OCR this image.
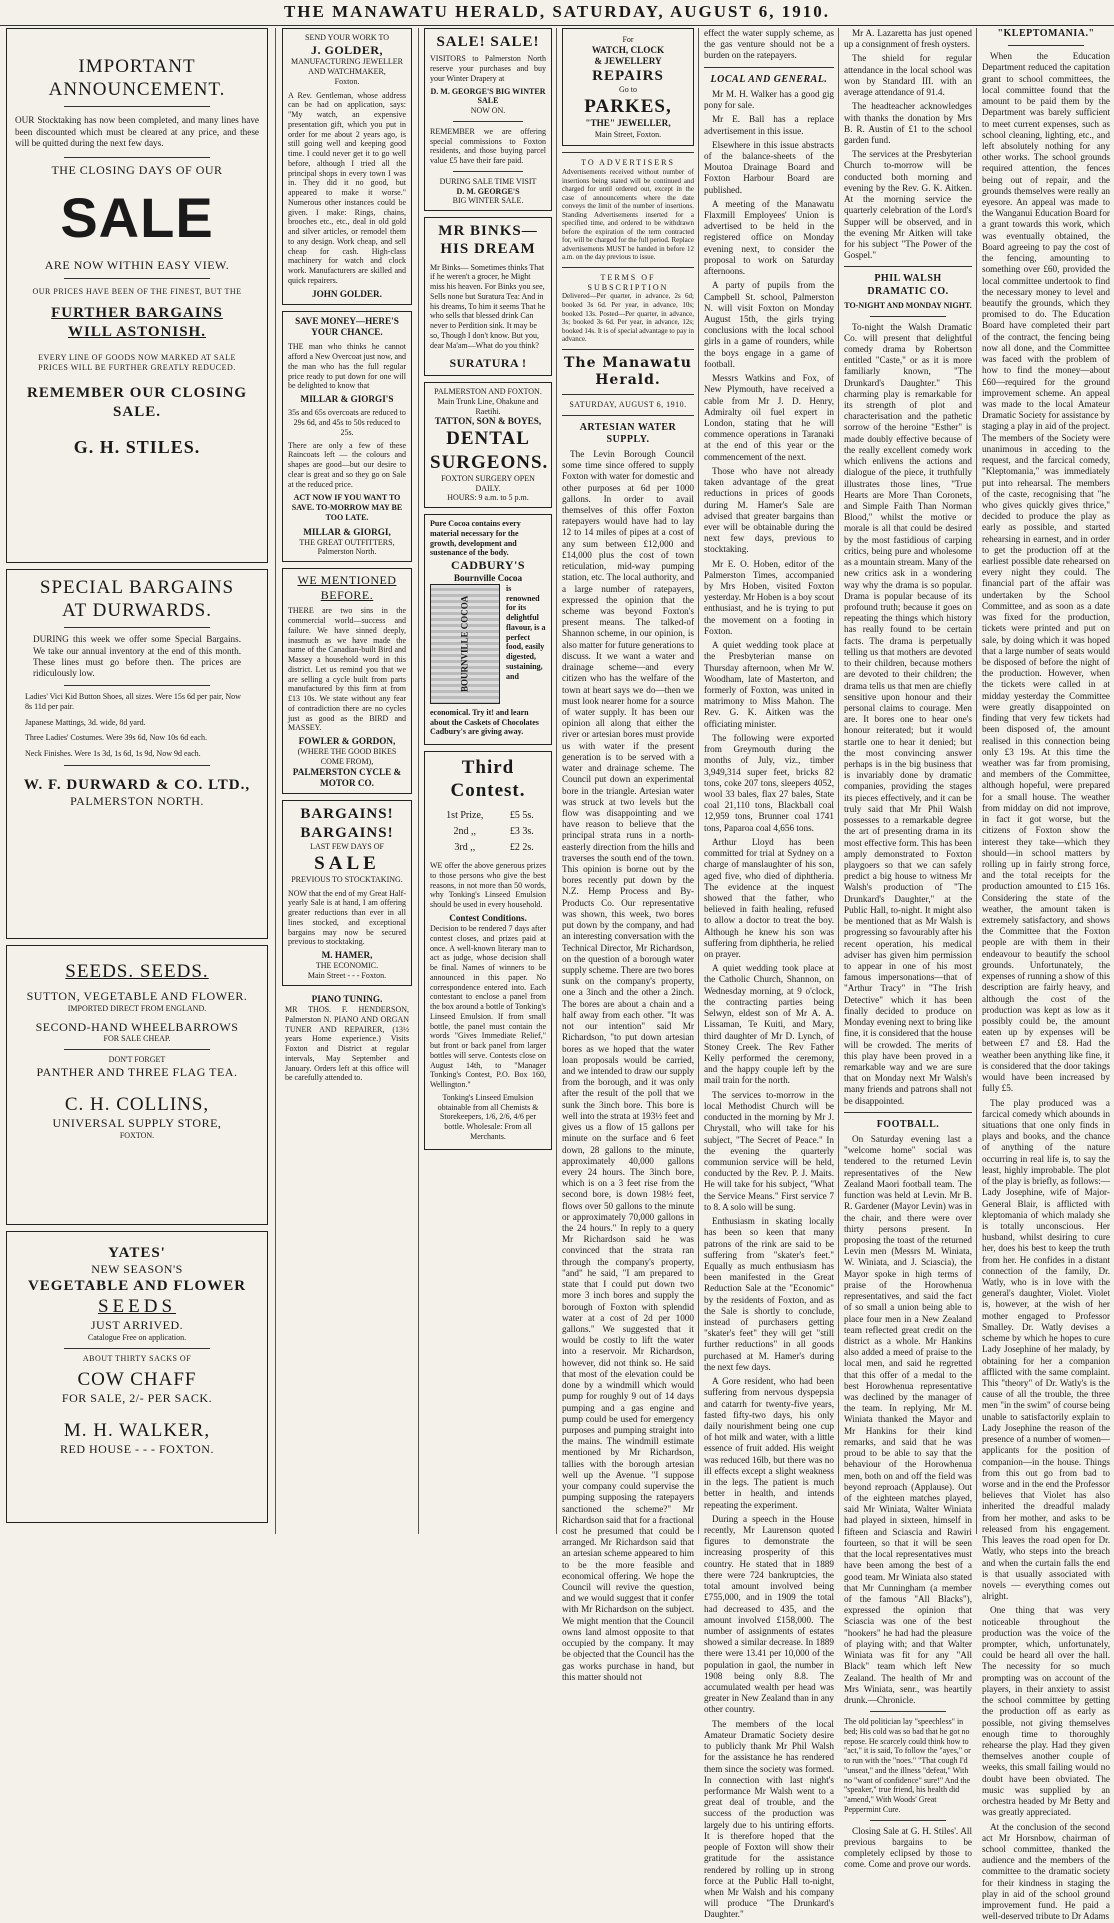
THE MANAWATU HERALD, SATURDAY, AUGUST 6, 1910.
IMPORTANT
ANNOUNCEMENT.

OUR Stocktaking has now been completed, and many lines have been discounted which must be cleared at any price, and these will be quitted during the next few days.

THE CLOSING DAYS OF OUR
SALE
ARE NOW WITHIN EASY VIEW.
OUR PRICES HAVE BEEN OF THE FINEST, BUT THE
FURTHER BARGAINS
WILL ASTONISH.
EVERY LINE OF GOODS NOW MARKED AT SALE PRICES WILL BE FURTHER GREATLY REDUCED.
REMEMBER OUR CLOSING SALE.
G. H. STILES.
SPECIAL BARGAINS
AT DURWARDS.

DURING this week we offer some Special Bargains. We take our annual inventory at the end of this month. These lines must go before then. The prices are ridiculously low.

Ladies' Vici Kid Button Shoes, all sizes. Were 15s 6d per pair, Now 8s 11d per pair.

Japanese Mattings, 3d. wide, 8d yard.

Three Ladies' Costumes. Were 39s 6d, Now 10s 6d each.

Neck Finishes. Were 1s 3d, 1s 6d, 1s 9d, Now 9d each.

W. F. DURWARD & CO. LTD.,
PALMERSTON NORTH.
SEEDS. SEEDS.
SUTTON, VEGETABLE AND FLOWER.
IMPORTED DIRECT FROM ENGLAND.
SECOND-HAND WHEELBARROWS
FOR SALE CHEAP.
DON'T FORGET
PANTHER AND THREE FLAG TEA.
C. H. COLLINS,
UNIVERSAL SUPPLY STORE,
FOXTON.
YATES'
NEW SEASON'S
VEGETABLE AND FLOWER
SEEDS
JUST ARRIVED.
Catalogue Free on application.
ABOUT THIRTY SACKS OF
COW CHAFF
FOR SALE, 2/- PER SACK.
M. H. WALKER,
RED HOUSE - - - FOXTON.
SEND YOUR WORK TO
J. GOLDER,
MANUFACTURING JEWELLER AND WATCHMAKER,
Foxton.

A Rev. Gentleman, whose address can be had on application, says: "My watch, an expensive presentation gift, which you put in order for me about 2 years ago, is still going well and keeping good time. I could never get it to go well before, although I tried all the principal shops in every town I was in. They did it no good, but appeared to make it worse." Numerous other instances could be given. I make: Rings, chains, brooches etc., etc., deal in old gold and silver articles, or remodel them to any design. Work cheap, and sell cheap for cash. High-class machinery for watch and clock work. Manufacturers are skilled and quick repairers.

JOHN GOLDER.
SAVE MONEY—HERE'S
YOUR CHANCE.

THE man who thinks he cannot afford a New Overcoat just now, and the man who has the full regular price ready to put down for one will be delighted to know that

MILLAR & GIORGI'S

35s and 65s overcoats are reduced to 29s 6d, and 45s to 50s reduced to 25s.

There are only a few of these Raincoats left — the colours and shapes are good—but our desire to clear is great and so they go on Sale at the reduced price.

ACT NOW IF YOU WANT TO SAVE. TO-MORROW MAY BE TOO LATE.
MILLAR & GIORGI,
THE GREAT OUTFITTERS,
Palmerston North.
WE MENTIONED BEFORE.

THERE are two sins in the commercial world—success and failure. We have sinned deeply, inasmuch as we have made the name of the Canadian-built Bird and Massey a household word in this district. Let us remind you that we are selling a cycle built from parts manufactured by this firm at from £13 10s. We state without any fear of contradiction there are no cycles just as good as the BIRD and MASSEY.

FOWLER & GORDON,
(WHERE THE GOOD BIKES COME FROM),
PALMERSTON CYCLE & MOTOR CO.
BARGAINS!
BARGAINS!
LAST FEW DAYS OF
SALE
PREVIOUS TO STOCKTAKING.

NOW that the end of my Great Half-yearly Sale is at hand, I am offering greater reductions than ever in all lines stocked, and exceptional bargains may now be secured previous to stocktaking.

M. HAMER,
THE ECONOMIC.
Main Street - - - Foxton.
PIANO TUNING.

MR THOS. F. HENDERSON, Palmerston N. PIANO AND ORGAN TUNER AND REPAIRER, (13½ years Home experience.) Visits Foxton and District at regular intervals, May September and January. Orders left at this office will be carefully attended to.

SALE! SALE!

VISITORS to Palmerston North reserve your purchases and buy your Winter Drapery at

D. M. GEORGE'S BIG WINTER SALE
NOW ON.

REMEMBER we are offering special commissions to Foxton residents, and those buying parcel value £5 have their fare paid.

DURING SALE TIME VISIT
D. M. GEORGE'S
BIG WINTER SALE.
MR BINKS—
HIS DREAM

Mr Binks— Sometimes thinks That if he weren't a grocer, he Might miss his heaven. For Binks you see, Sells none but Suratura Tea: And in his dreams, To him it seems That he who sells that blessed drink Can never to Perdition sink. It may be so, Though I don't know. But you, dear Ma'am—What do you think?

SURATURA !
PALMERSTON AND FOXTON.
Main Trunk Line, Ohakune and Raetihi.
TATTON, SON & BOYES,
DENTAL SURGEONS.
FOXTON SURGERY OPEN DAILY.
HOURS: 9 a.m. to 5 p.m.
Pure Cocoa contains every material necessary for the growth, development and sustenance of the body.
CADBURY'S
Bournville Cocoa
BOURNVILLE COCOA

is renowned for its delightful flavour, is a perfect food, easily digested, sustaining, and economical. Try it! and learn about the Caskets of Chocolates Cadbury's are giving away.

Third Contest.
1st Prize,	£5 5s.
2nd ,,	£3 3s.
3rd ,,	£2 2s.

WE offer the above generous prizes to those persons who give the best reasons, in not more than 50 words, why Tonking's Linseed Emulsion should be used in every household.

Contest Conditions.

Decision to be rendered 7 days after contest closes, and prizes paid at once. A well-known literary man to act as judge, whose decision shall be final. Names of winners to be announced in this paper. No correspondence entered into. Each contestant to enclose a panel from the box around a bottle of Tonking's Linseed Emulsion. If from small bottle, the panel must contain the words "Gives Immediate Relief," but front or back panel from larger bottles will serve. Contests close on August 14th, to "Manager Tonking's Contest, P.O. Box 160, Wellington."

Tonking's Linseed Emulsion obtainable from all Chemists & Storekeepers, 1/6, 2/6, 4/6 per bottle. Wholesale: From all Merchants.

For
WATCH, CLOCK
& JEWELLERY
REPAIRS
Go to
PARKES,
"THE" JEWELLER,
Main Street, Foxton.
TO ADVERTISERS

Advertisements received without number of insertions being stated will be continued and charged for until ordered out, except in the case of announcements where the date conveys the limit of the number of insertions. Standing Advertisements inserted for a specified time, and ordered to be withdrawn before the expiration of the term contracted for, will be charged for the full period. Replace advertisements MUST be handed in before 12 a.m. on the day previous to issue.

TERMS OF SUBSCRIPTION

Delivered—Per quarter, in advance, 2s 6d; booked 3s 6d. Per year, in advance, 10s; booked 13s. Posted—Per quarter, in advance, 3s; booked 3s 6d. Per year, in advance, 12s; booked 14s. It is of special advantage to pay in advance.

The Manawatu Herald.
SATURDAY, AUGUST 6, 1910.
ARTESIAN WATER SUPPLY.

The Levin Borough Council some time since offered to supply Foxton with water for domestic and other purposes at 6d per 1000 gallons. In order to avail themselves of this offer Foxton ratepayers would have had to lay 12 to 14 miles of pipes at a cost of any sum between £12,000 and £14,000 plus the cost of town reticulation, mid-way pumping station, etc. The local authority, and a large number of ratepayers, expressed the opinion that the scheme was beyond Foxton's present means. The talked-of Shannon scheme, in our opinion, is also matter for future generations to discuss. It we want a water and drainage scheme—and every citizen who has the welfare of the town at heart says we do—then we must look nearer home for a source of water supply. It has been our opinion all along that either the river or artesian bores must provide us with water if the present generation is to be served with a water and drainage scheme. The Council put down an experimental bore in the triangle. Artesian water was struck at two levels but the flow was disappointing and we have reason to believe that the principal strata runs in a north-easterly direction from the hills and traverses the south end of the town. This opinion is borne out by the bores recently put down by the N.Z. Hemp Process and By-Products Co. Our representative was shown, this week, two bores put down by the company, and had an interesting conversation with the Technical Director, Mr Richardson, on the question of a borough water supply scheme. There are two bores sunk on the company's property, one a 3inch and the other a 2inch. The bores are about a chain and a half away from each other. "It was not our intention" said Mr Richardson, "to put down artesian bores as we hoped that the water loan proposals would be carried, and we intended to draw our supply from the borough, and it was only after the result of the poll that we sunk the 3inch bore. This bore is well into the strata at 193½ feet and gives us a flow of 15 gallons per minute on the surface and 6 feet down, 28 gallons to the minute, approximately 40,000 gallons every 24 hours. The 3inch bore, which is on a 3 feet rise from the second bore, is down 198½ feet, flows over 50 gallons to the minute or approximately 70,000 gallons in the 24 hours." In reply to a query Mr Richardson said he was convinced that the strata ran through the company's property, "and" he said, "I am prepared to state that I could put down two more 3 inch bores and supply the borough of Foxton with splendid water at a cost of 2d per 1000 gallons." We suggested that it would be costly to lift the water into a reservoir. Mr Richardson, however, did not think so. He said that most of the elevation could be done by a windmill which would pump for roughly 9 out of 14 days pumping and a gas engine and pump could be used for emergency purposes and pumping straight into the mains. The windmill estimate mentioned by Mr Richardson, tallies with the borough artesian well up the Avenue. "I suppose your company could supervise the pumping supposing the ratepayers sanctioned the scheme?" Mr Richardson said that for a fractional cost he presumed that could be arranged. Mr Richardson said that an artesian scheme appeared to him to be the more feasible and economical offering. We hope the Council will revive the question, and we would suggest that it confer with Mr Richardson on the subject. We might mention that the Council owns land almost opposite to that occupied by the company. It may be objected that the Council has the gas works purchase in hand, but this matter should not

effect the water supply scheme, as the gas venture should not be a burden on the ratepayers.

LOCAL AND GENERAL.

Mr M. H. Walker has a good gig pony for sale.

Mr E. Ball has a replace advertisement in this issue.

Elsewhere in this issue abstracts of the balance-sheets of the Moutoa Drainage Board and Foxton Harbour Board are published.

A meeting of the Manawatu Flaxmill Employees' Union is advertised to be held in the registered office on Monday evening next, to consider the proposal to work on Saturday afternoons.

A party of pupils from the Campbell St. school, Palmerston N. will visit Foxton on Monday August 15th, the girls trying conclusions with the local school girls in a game of rounders, while the boys engage in a game of football.

Messrs Watkins and Fox, of New Plymouth, have received a cable from Mr J. D. Henry, Admiralty oil fuel expert in London, stating that he will commence operations in Taranaki at the end of this year or the commencement of the next.

Those who have not already taken advantage of the great reductions in prices of goods during M. Hamer's Sale are advised that greater bargains than ever will be obtainable during the next few days, previous to stocktaking.

Mr E. O. Hoben, editor of the Palmerston Times, accompanied by Mrs Hoben, visited Foxton yesterday. Mr Hoben is a boy scout enthusiast, and he is trying to put the movement on a footing in Foxton.

A quiet wedding took place at the Presbyterian manse on Thursday afternoon, when Mr W. Woodham, late of Masterton, and formerly of Foxton, was united in matrimony to Miss Mahon. The Rev. G. K. Aitken was the officiating minister.

The following were exported from Greymouth during the months of July, viz., timber 3,949,314 super feet, bricks 82 tons, coke 207 tons, sleepers 4052, wool 33 bales, flax 27 bales, State coal 21,110 tons, Blackball coal 12,959 tons, Brunner coal 1741 tons, Paparoa coal 4,656 tons.

Arthur Lloyd has been committed for trial at Sydney on a charge of manslaughter of his son, aged five, who died of diphtheria. The evidence at the inquest showed that the father, who believed in faith healing, refused to allow a doctor to treat the boy. Although he knew his son was suffering from diphtheria, he relied on prayer.

A quiet wedding took place at the Catholic Church, Shannon, on Wednesday morning, at 9 o'clock, the contracting parties being Selwyn, eldest son of Mr A. A. Lissaman, Te Kuiti, and Mary, third daughter of Mr D. Lynch, of Stoney Creek. The Rev Father Kelly performed the ceremony, and the happy couple left by the mail train for the north.

The services to-morrow in the local Methodist Church will be conducted in the morning by Mr J. Chrystall, who will take for his subject, "The Secret of Peace." In the evening the quarterly communion service will be held, conducted by the Rev. P. J. Maits. He will take for his subject, "What the Service Means." First service 7 to 8. A solo will be sung.

Enthusiasm in skating locally has been so keen that many patrons of the rink are said to be suffering from "skater's feet." Equally as much enthusiasm has been manifested in the Great Reduction Sale at the "Economic" by the residents of Foxton, and as the Sale is shortly to conclude, instead of purchasers getting "skater's feet" they will get "still further reductions" in all goods purchased at M. Hamer's during the next few days.

A Gore resident, who had been suffering from nervous dyspepsia and catarrh for twenty-five years, fasted fifty-two days, his only daily nourishment being one cup of hot milk and water, with a little essence of fruit added. His weight was reduced 16lb, but there was no ill effects except a slight weakness in the legs. The patient is much better in health, and intends repeating the experiment.

During a speech in the House recently, Mr Laurenson quoted figures to demonstrate the increasing prosperity of this country. He stated that in 1889 there were 724 bankruptcies, the total amount involved being £755,000, and in 1909 the total had decreased to 435, and the amount involved £158,000. The number of assignments of estates showed a similar decrease. In 1889 there were 13.41 per 10,000 of the population in gaol, the number in 1908 being only 8.8. The accumulated wealth per head was greater in New Zealand than in any other country.

The members of the local Amateur Dramatic Society desire to publicly thank Mr Phil Walsh for the assistance he has rendered them since the society was formed. In connection with last night's performance Mr Walsh went to a great deal of trouble, and the success of the production was largely due to his untiring efforts. It is therefore hoped that the people of Foxton will show their gratitude for the assistance rendered by rolling up in strong force at the Public Hall to-night, when Mr Walsh and his company will produce "The Drunkard's Daughter."

Mr A. Lazaretta has just opened up a consignment of fresh oysters.

The shield for regular attendance in the local school was won by Standard III. with an average attendance of 91.4.

The headteacher acknowledges with thanks the donation by Mrs B. R. Austin of £1 to the school garden fund.

The services at the Presbyterian Church to-morrow will be conducted both morning and evening by the Rev. G. K. Aitken. At the morning service the quarterly celebration of the Lord's Supper will be observed, and in the evening Mr Aitken will take for his subject "The Power of the Gospel."

PHIL WALSH DRAMATIC CO.
TO-NIGHT AND MONDAY NIGHT.

To-night the Walsh Dramatic Co. will present that delightful comedy drama by Robertson entitled "Caste," or as it is more familiarly known, "The Drunkard's Daughter." This charming play is remarkable for its strength of plot and characterisation and the pathetic sorrow of the heroine "Esther" is made doubly effective because of the really excellent comedy work which enlivens the actions and dialogue of the piece, it truthfully illustrates those lines, "True Hearts are More Than Coronets, and Simple Faith Than Norman Blood," whilst the motive or morale is all that could be desired by the most fastidious of carping critics, being pure and wholesome as a mountain stream. Many of the new critics ask in a wondering way why the drama is so popular. Drama is popular because of its profound truth; because it goes on repeating the things which history has really found to be certain facts. The drama is perpetually telling us that mothers are devoted to their children, because mothers are devoted to their children; the drama tells us that men are chiefly sensitive upon honour and their personal claims to courage. Men are. It bores one to hear one's honour reiterated; but it would startle one to hear it denied; but the most convincing answer perhaps is in the big business that is invariably done by dramatic companies, providing the stages its pieces effectively, and it can be truly said that Mr Phil Walsh possesses to a remarkable degree the art of presenting drama in its most effective form. This has been amply demonstrated to Foxton playgoers so that we can safely predict a big house to witness Mr Walsh's production of "The Drunkard's Daughter," at the Public Hall, to-night. It might also be mentioned that as Mr Walsh is progressing so favourably after his recent operation, his medical adviser has given him permission to appear in one of his most famous impersonations—that of "Arthur Tracy" in "The Irish Detective" which it has been finally decided to produce on Monday evening next to bring like fine, it is considered that the house will be crowded. The merits of this play have been proved in a remarkable way and we are sure that on Monday next Mr Walsh's many friends and patrons shall not be disappointed.

FOOTBALL.

On Saturday evening last a "welcome home" social was tendered to the returned Levin representatives of the New Zealand Maori football team. The function was held at Levin. Mr B. R. Gardener (Mayor Levin) was in the chair, and there were over thirty persons present. In proposing the toast of the returned Levin men (Messrs M. Winiata, W. Winiata, and J. Sciascia), the Mayor spoke in high terms of praise of the Horowhenua representatives, and said the fact of so small a union being able to place four men in a New Zealand team reflected great credit on the district as a whole. Mr Hankins also added a meed of praise to the local men, and said he regretted that this offer of a medal to the best Horowhenua representative was declined by the manager of the team. In replying, Mr M. Winiata thanked the Mayor and Mr Hankins for their kind remarks, and said that he was proud to be able to say that the behaviour of the Horowhenua men, both on and off the field was beyond reproach (Applause). Out of the eighteen matches played, said Mr Winiata, Walter Winiata had played in sixteen, himself in fifteen and Sciascia and Rawiri fourteen, so that it will be seen that the local representatives must have been among the best of a good team. Mr Winiata also stated that Mr Cunningham (a member of the famous "All Blacks"), expressed the opinion that Sciascia was one of the best "hookers" he had had the pleasure of playing with; and that Walter Winiata was fit for any "All Black" team which left New Zealand. The health of Mr and Mrs Winiata, senr., was heartily drunk.—Chronicle.

The old politician lay "speechless" in bed; His cold was so bad that he got no repose. He scarcely could think how to "act," it is said, To follow the "ayes," or to run with the "noes." "That cough I'd "unseat," and the illness "defeat," With no "want of confidence" sure!" And the "speaker," true friend, his health did "amend," With Woods' Great Peppermint Cure.

Closing Sale at G. H. Stiles'. All previous bargains to be completely eclipsed by those to come. Come and prove our words.

"KLEPTOMANIA."

When the Education Department reduced the capitation grant to school committees, the local committee found that the amount to be paid them by the Department was barely sufficient to meet current expenses, such as school cleaning, lighting, etc., and left absolutely nothing for any other works. The school grounds required attention, the fences being out of repair, and the grounds themselves were really an eyesore. An appeal was made to the Wanganui Education Board for a grant towards this work, which was eventually obtained, the Board agreeing to pay the cost of the fencing, amounting to something over £60, provided the local committee undertook to find the necessary money to level and beautify the grounds, which they promised to do. The Education Board have completed their part of the contract, the fencing being now all done, and the Committee was faced with the problem of how to find the money—about £60—required for the ground improvement scheme. An appeal was made to the local Amateur Dramatic Society for assistance by staging a play in aid of the project. The members of the Society were unanimous in acceding to the request, and the farcical comedy, "Kleptomania," was immediately put into rehearsal. The members of the caste, recognising that "he who gives quickly gives thrice," decided to produce the play as early as possible, and started rehearsing in earnest, and in order to get the production off at the earliest possible date rehearsed on every night they could. The financial part of the affair was undertaken by the School Committee, and as soon as a date was fixed for the production, tickets were printed and put on sale, by doing which it was hoped that a large number of seats would be disposed of before the night of the production. However, when the tickets were called in at midday yesterday the Committee were greatly disappointed on finding that very few tickets had been disposed of, the amount realised in this connection being only £3 19s. At this time the weather was far from promising, and members of the Committee, although hopeful, were prepared for a small house. The weather from midday on did not improve, in fact it got worse, but the citizens of Foxton show the interest they take—which they should—in school matters by rolling up in fairly strong force, and the total receipts for the production amounted to £15 16s. Considering the state of the weather, the amount taken is extremely satisfactory, and shows the Committee that the Foxton people are with them in their endeavour to beautify the school grounds. Unfortunately, the expenses of running a show of this description are fairly heavy, and although the cost of the production was kept as low as it possibly could be, the amount eaten up by expenses will be between £7 and £8. Had the weather been anything like fine, it is considered that the door takings would have been increased by fully £5.

The play produced was a farcical comedy which abounds in situations that one only finds in plays and books, and the chance of anything of the nature occurring in real life is, to say the least, highly improbable. The plot of the play is briefly, as follows:—Lady Josephine, wife of Major-General Blair, is afflicted with kleptomania of which malady she is totally unconscious. Her husband, whilst desiring to cure her, does his best to keep the truth from her. He confides in a distant connection of the family, Dr. Watly, who is in love with the general's daughter, Violet. Violet is, however, at the wish of her mother engaged to Professor Smalley. Dr. Watly devises a scheme by which he hopes to cure Lady Josephine of her malady, by obtaining for her a companion afflicted with the same complaint. This "theory" of Dr. Watly's is the cause of all the trouble, the three men "in the swim" of course being unable to satisfactorily explain to Lady Josephine the reason of the presence of a number of women—applicants for the position of companion—in the house. Things from this out go from bad to worse and in the end the Professor believes that Violet has also inherited the dreadful malady from her mother, and asks to be released from his engagement. This leaves the road open for Dr. Watly, who steps into the breach and when the curtain falls the end is that usually associated with novels — everything comes out alright.

One thing that was very noticeable throughout the production was the voice of the prompter, which, unfortunately, could be heard all over the hall. The necessity for so much prompting was on account of the players, in their anxiety to assist the school committee by getting the production off as early as possible, not giving themselves enough time to thoroughly rehearse the play. Had they given themselves another couple of weeks, this small failing would no doubt have been obviated. The music was supplied by an orchestra headed by Mr Betty and was greatly appreciated.

At the conclusion of the second act Mr Horsnbow, chairman of school committee, thanked the audience and the members of the committee to the dramatic society for their kindness in staging the play in aid of the school ground improvement fund. He paid a well-deserved tribute to Dr Adams
